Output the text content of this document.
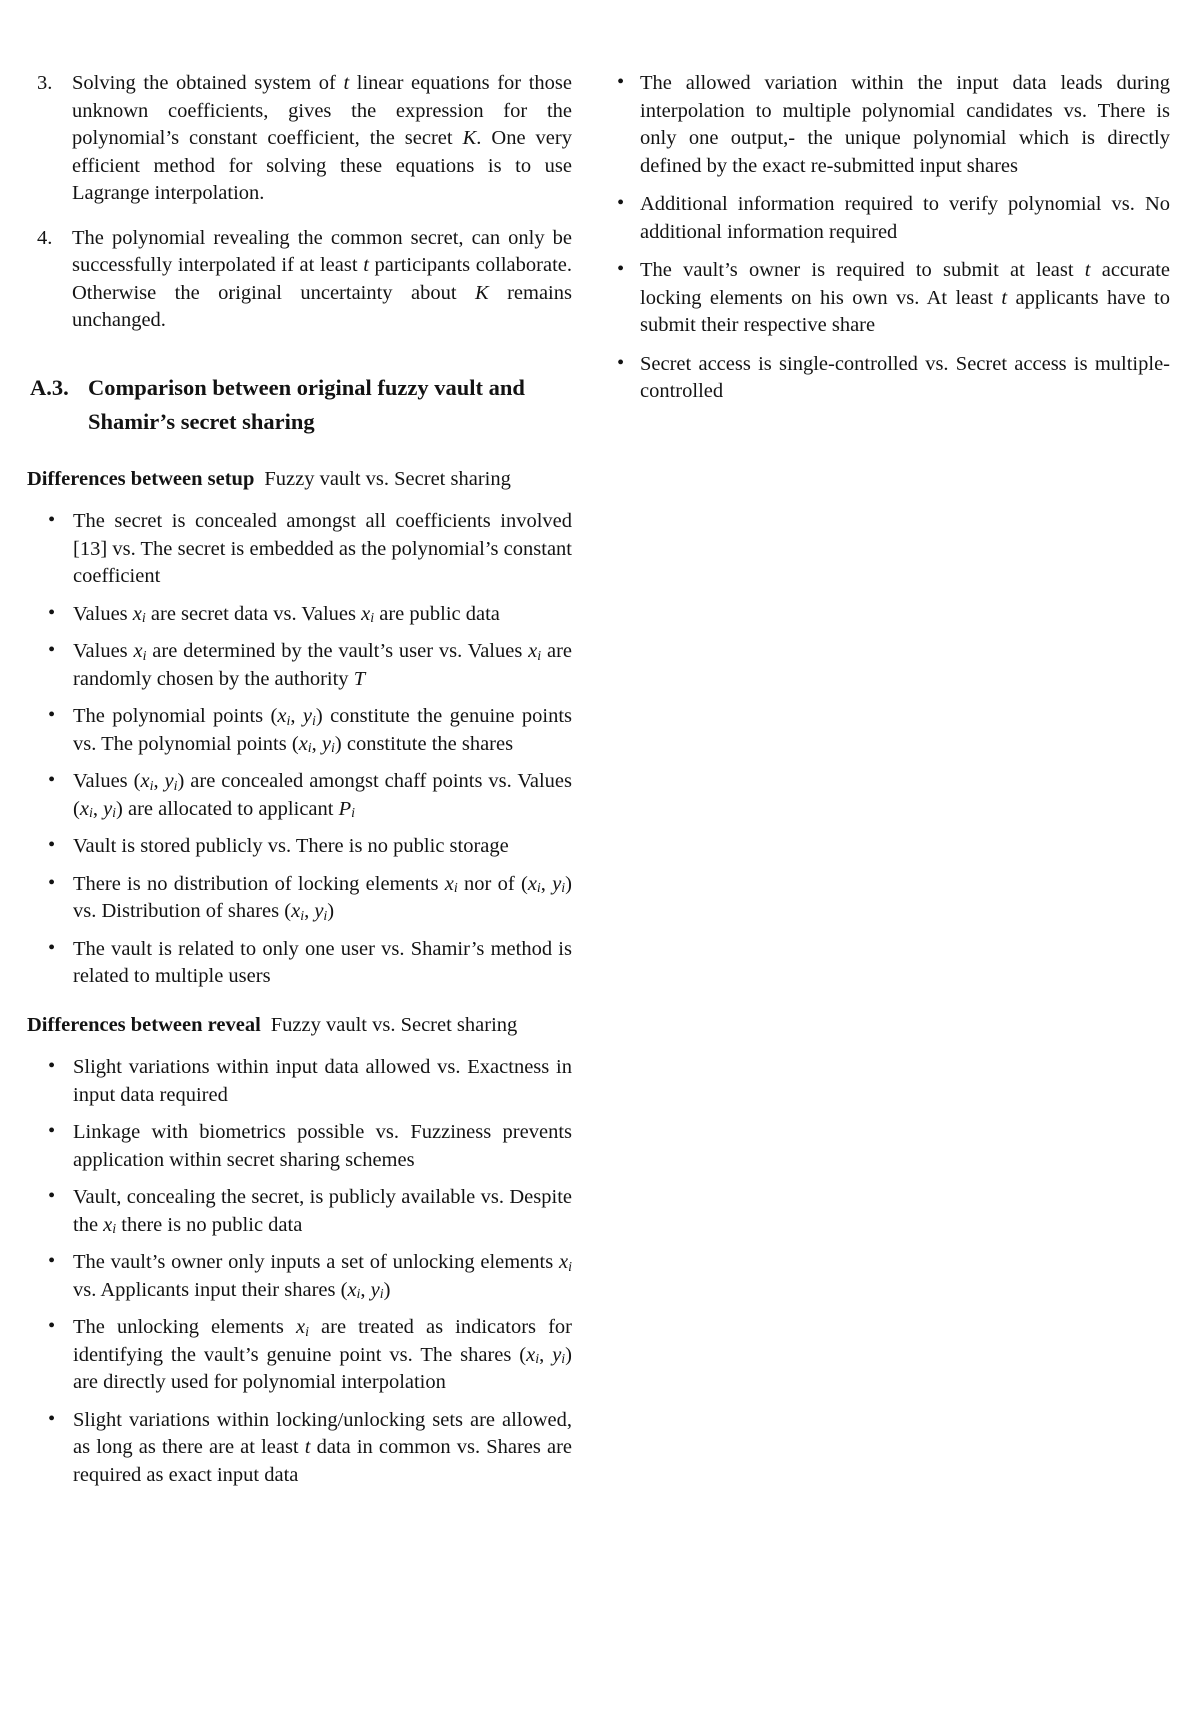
3. Solving the obtained system of t linear equations for those unknown coefficients, gives the expression for the polynomial’s constant coefficient, the secret K. One very efficient method for solving these equations is to use Lagrange interpolation.
4. The polynomial revealing the common secret, can only be successfully interpolated if at least t participants collaborate. Otherwise the original uncertainty about K remains unchanged.
A.3. Comparison between original fuzzy vault and Shamir’s secret sharing

Differences between setup Fuzzy vault vs. Secret sharing

• The secret is concealed amongst all coefficients involved [13] vs. The secret is embedded as the polynomial’s constant coefficient
• Values $x_i$ are secret data vs. Values $x_i$ are public data
• Values $x_i$ are determined by the vault’s user vs. Values $x_i$ are randomly chosen by the authority T
• The polynomial points ($x_i$, $y_i$) constitute the genuine points vs. The polynomial points ($x_i$, $y_i$) constitute the shares
• Values ($x_i$, $y_i$) are concealed amongst chaff points vs. Values ($x_i$, $y_i$) are allocated to applicant $P_i$
• Vault is stored publicly vs. There is no public storage
• There is no distribution of locking elements $x_i$ nor of ($x_i$, $y_i$) vs. Distribution of shares ($x_i$, $y_i$)
• The vault is related to only one user vs. Shamir’s method is related to multiple users

Differences between reveal Fuzzy vault vs. Secret sharing

• Slight variations within input data allowed vs. Exactness in input data required
• Linkage with biometrics possible vs. Fuzziness prevents application within secret sharing schemes
• Vault, concealing the secret, is publicly available vs. Despite the $x_i$ there is no public data
• The vault’s owner only inputs a set of unlocking elements $x_i$ vs. Applicants input their shares ($x_i$, $y_i$)
• The unlocking elements $x_i$ are treated as indicators for identifying the vault’s genuine point vs. The shares ($x_i$, $y_i$) are directly used for polynomial interpolation
• Slight variations within locking/unlocking sets are allowed, as long as there are at least t data in common vs. Shares are required as exact input data
• The allowed variation within the input data leads during interpolation to multiple polynomial candidates vs. There is only one output,- the unique polynomial which is directly defined by the exact re-submitted input shares
• Additional information required to verify polynomial vs. No additional information required
• The vault’s owner is required to submit at least t accurate locking elements on his own vs. At least t applicants have to submit their respective share
• Secret access is single-controlled vs. Secret access is multiple-controlled
